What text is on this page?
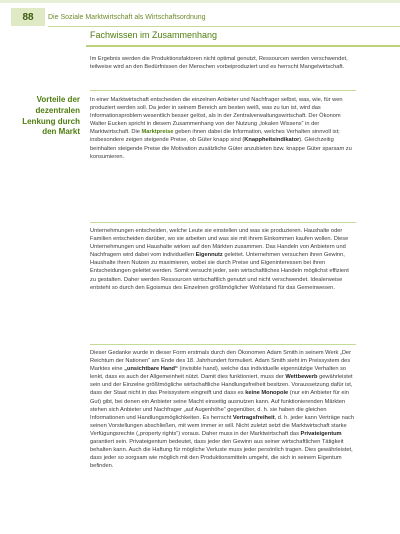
88	Die Soziale Marktwirtschaft als Wirtschaftsordnung
Fachwissen im Zusammenhang
Im Ergebnis werden die Produktionsfaktoren nicht optimal genutzt, Ressourcen werden verschwendet, teilweise wird an den Bedürfnissen der Menschen vorbeiproduziert und es herrscht Mangelwirtschaft.
Vorteile der dezentralen Lenkung durch den Markt
In einer Marktwirtschaft entscheiden die einzelnen Anbieter und Nachfrager selbst, was, wie, für wen produziert werden soll. Da jeder in seinem Bereich am besten weiß, was zu tun ist, wird das Informationsproblem wesentlich besser gelöst, als in der Zentralverwaltungswirtschaft. Der Ökonom Walter Eucken spricht in diesem Zusammenhang von der Nutzung „lokalen Wissens“ in der Marktwirtschaft. Die Marktpreise geben ihnen dabei die Information, welches Verhalten sinnvoll ist; insbesondere zeigen steigende Preise, ob Güter knapp sind (Knappheitsindikator). Gleichzeitig beinhalten steigende Preise die Motivation zusätzliche Güter anzubieten bzw. knappe Güter sparsam zu konsumieren.
Unternehmungen entscheiden, welche Leute sie einstellen und was sie produzieren. Haushalte oder Familien entscheiden darüber, wo sie arbeiten und was sie mit ihrem Einkommen kaufen wollen. Diese Unternehmungen und Haushalte wirken auf den Märkten zusammen. Das Handeln von Anbietern und Nachfragern wird dabei vom individuellen Eigennutz geleitet. Unternehmen versuchen ihren Gewinn, Haushalte ihren Nutzen zu maximieren, wobei sie durch Preise und Eigeninteressen bei ihren Entscheidungen geleitet werden. Somit versucht jeder, sein wirtschaftliches Handeln möglichst effizient zu gestalten. Daher werden Ressourcen wirtschaftlich genutzt und nicht verschwendet. Idealerweise entsteht so durch den Egoismus des Einzelnen größtmöglicher Wohlstand für das Gemeinwesen.
Dieser Gedanke wurde in dieser Form erstmals durch den Ökonomen Adam Smith in seinem Werk „Der Reichtum der Nationen“ am Ende des 18. Jahrhundert formuliert. Adam Smith sieht im Preissystem des Marktes eine „unsichtbare Hand“ (invisible hand), welche das individuelle eigennützige Verhalten so lenkt, dass es auch der Allgemeinheit nützt. Damit dies funktioniert, muss der Wettbewerb gewährleistet sein und der Einzelne größtmögliche wirtschaftliche Handlungsfreiheit besitzen. Voraussetzung dafür ist, dass der Staat nicht in das Preissystem eingreift und dass es keine Monopole (nur ein Anbieter für ein Gut) gibt, bei denen ein Anbieter seine Macht einseitig ausnutzen kann. Auf funktionierenden Märkten stehen sich Anbieter und Nachfrager „auf Augenhöhe“ gegenüber, d. h. sie haben die gleichen Informationen und Handlungsmöglichkeiten. Es herrscht Vertragsfreiheit, d. h. jeder kann Verträge nach seinen Vorstellungen abschließen, mit wem immer er will. Nicht zuletzt setzt die Marktwirtschaft starke Verfügungsrechte („property rights“) voraus. Daher muss in der Marktwirtschaft das Privateigentum garantiert sein. Privateigentum bedeutet, dass jeder den Gewinn aus seiner wirtschaftlichen Tätigkeit behalten kann. Auch die Haftung für mögliche Verluste muss jeder persönlich tragen. Dies gewährleistet, dass jeder so sorgsam wie möglich mit den Produktionsmitteln umgeht, die sich in seinem Eigentum befinden.
